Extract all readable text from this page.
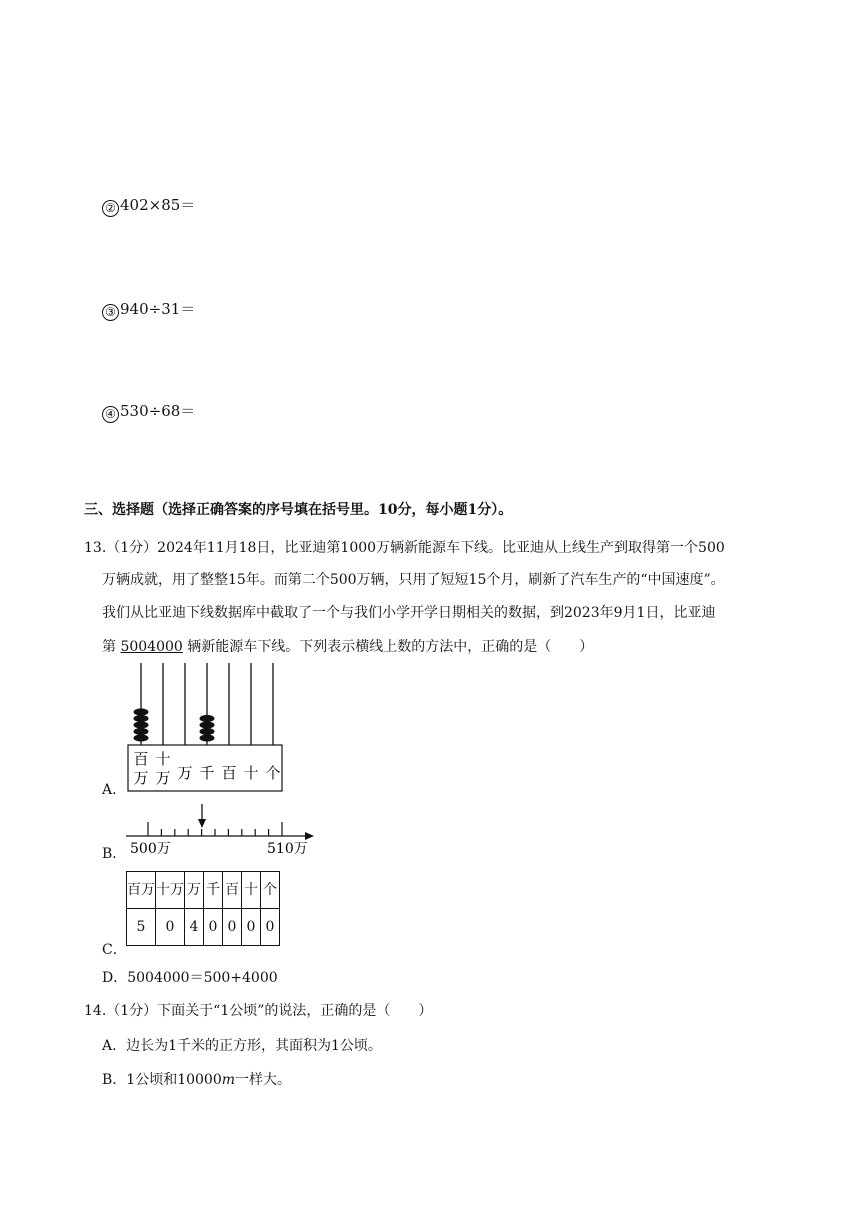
② 402×85＝
③ 940÷31＝
④ 530÷68＝
三、选择题（选择正确答案的序号填在括号里。10分，每小题1分）。
13.（1分）2024年11月18日，比亚迪第1000万辆新能源车下线。比亚迪从上线生产到取得第一个500
万辆成就，用了整整15年。而第二个500万辆，只用了短短15个月，刷新了汽车生产的“中国速度”。
我们从比亚迪下线数据库中截取了一个与我们小学开学日期相关的数据，到2023年9月1日，比亚迪
第 5004000 辆新能源车下线。下列表示横线上数的方法中，正确的是（　　）
A．
百
万
十
万 万 千 百 十 个
B． 500万	510万
C．
百万	十万	万	千	百	十	个
5	0	4	0	0	0	0
D．5004000＝500+4000
14.（1分）下面关于“1公顷”的说法，正确的是（　　）
A．边长为1千米的正方形，其面积为1公顷。
B．1公顷和10000m一样大。
